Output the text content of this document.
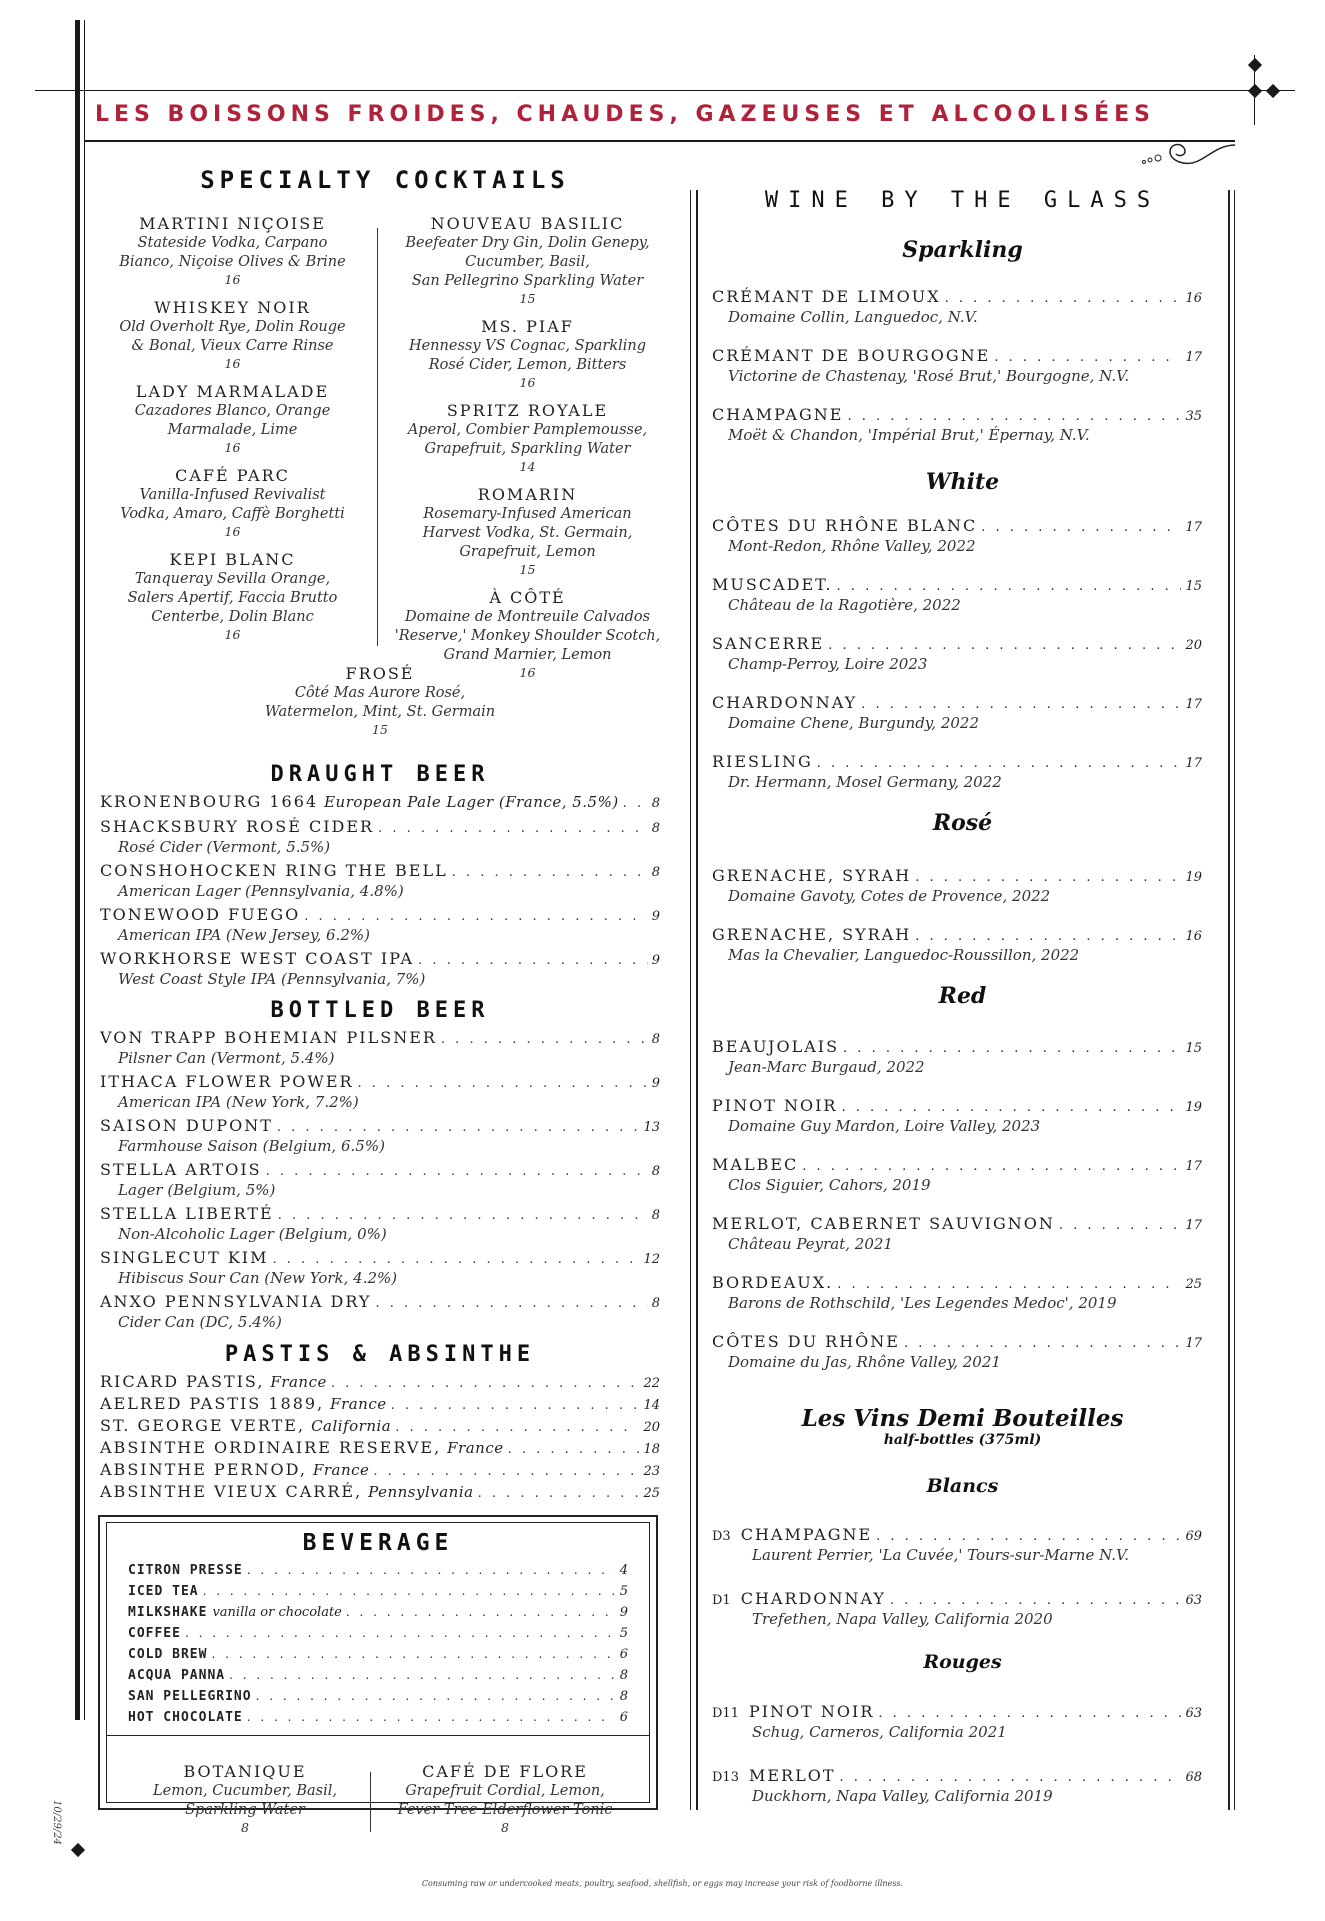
LES BOISSONS FROIDES, CHAUDES, GAZEUSES ET ALCOOLISÉES
SPECIALTY COCKTAILS
MARTINI NIÇOISE
Stateside Vodka, Carpano
Bianco, Niçoise Olives & Brine
16
WHISKEY NOIR
Old Overholt Rye, Dolin Rouge
& Bonal, Vieux Carre Rinse
16
LADY MARMALADE
Cazadores Blanco, Orange
Marmalade, Lime
16
CAFÉ PARC
Vanilla-Infused Revivalist
Vodka, Amaro, Caffè Borghetti
16
KEPI BLANC
Tanqueray Sevilla Orange,
Salers Apertif, Faccia Brutto
Centerbe, Dolin Blanc
16
NOUVEAU BASILIC
Beefeater Dry Gin, Dolin Genepy,
Cucumber, Basil,
San Pellegrino Sparkling Water
15
MS. PIAF
Hennessy VS Cognac, Sparkling
Rosé Cider, Lemon, Bitters
16
SPRITZ ROYALE
Aperol, Combier Pamplemousse,
Grapefruit, Sparkling Water
14
ROMARIN
Rosemary-Infused American
Harvest Vodka, St. Germain,
Grapefruit, Lemon
15
À CÔTÉ
Domaine de Montreuile Calvados
'Reserve,' Monkey Shoulder Scotch,
Grand Marnier, Lemon
16
FROSÉ
Côté Mas Aurore Rosé,
Watermelon, Mint, St. Germain
15
DRAUGHT BEER
KRONENBOURG 1664 European Pale Lager (France, 5.5%) . . .	8
SHACKSBURY ROSÉ CIDER . . .	8
Rosé Cider (Vermont, 5.5%)
CONSHOHOCKEN RING THE BELL . . .	8
American Lager (Pennsylvania, 4.8%)
TONEWOOD FUEGO . . .	9
American IPA (New Jersey, 6.2%)
WORKHORSE WEST COAST IPA . . .	9
West Coast Style IPA (Pennsylvania, 7%)
BOTTLED BEER
VON TRAPP BOHEMIAN PILSNER . . .	8
Pilsner Can (Vermont, 5.4%)
ITHACA FLOWER POWER . . .	9
American IPA (New York, 7.2%)
SAISON DUPONT . . .	13
Farmhouse Saison (Belgium, 6.5%)
STELLA ARTOIS . . .	8
Lager (Belgium, 5%)
STELLA LIBERTÉ . . .	8
Non-Alcoholic Lager (Belgium, 0%)
SINGLECUT KIM . . .	12
Hibiscus Sour Can (New York, 4.2%)
ANXO PENNSYLVANIA DRY . . .	8
Cider Can (DC, 5.4%)
PASTIS & ABSINTHE
RICARD PASTIS, France . . .	22
AELRED PASTIS 1889, France . . .	14
ST. GEORGE VERTE, California . . .	20
ABSINTHE ORDINAIRE RESERVE, France . . .	18
ABSINTHE PERNOD, France . . .	23
ABSINTHE VIEUX CARRÉ, Pennsylvania . . .	25
BEVERAGE
CITRON PRESSÉ . . .	4
ICED TEA . . .	5
MILKSHAKE vanilla or chocolate . . .	9
COFFEE . . .	5
COLD BREW . . .	6
ACQUA PANNA . . .	8
SAN PELLEGRINO . . .	8
HOT CHOCOLATE . . .	6
BOTANIQUE
Lemon, Cucumber, Basil,
Sparkling Water
8
CAFÉ DE FLORE
Grapefruit Cordial, Lemon,
Fever Tree Elderflower Tonic
8
WINE BY THE GLASS
Sparkling
CRÉMANT DE LIMOUX . . .	16
Domaine Collin, Languedoc, N.V.
CRÉMANT DE BOURGOGNE . . .	17
Victorine de Chastenay, 'Rosé Brut,' Bourgogne, N.V.
CHAMPAGNE . . .	35
Moët & Chandon, 'Impérial Brut,' Épernay, N.V.
White
CÔTES DU RHÔNE BLANC . . .	17
Mont-Redon, Rhône Valley, 2022
MUSCADET. . . .	15
Château de la Ragotière, 2022
SANCERRE . . .	20
Champ-Perroy, Loire 2023
CHARDONNAY . . .	17
Domaine Chene, Burgundy, 2022
RIESLING . . .	17
Dr. Hermann, Mosel Germany, 2022
Rosé
GRENACHE, SYRAH . . .	19
Domaine Gavoty, Cotes de Provence, 2022
GRENACHE, SYRAH . . .	16
Mas la Chevalier, Languedoc-Roussillon, 2022
Red
BEAUJOLAIS . . .	15
Jean-Marc Burgaud, 2022
PINOT NOIR . . .	19
Domaine Guy Mardon, Loire Valley, 2023
MALBEC . . .	17
Clos Siguier, Cahors, 2019
MERLOT, CABERNET SAUVIGNON . . .	17
Château Peyrat, 2021
BORDEAUX. . . .	25
Barons de Rothschild, 'Les Legendes Medoc', 2019
CÔTES DU RHÔNE . . .	17
Domaine du Jas, Rhône Valley, 2021
Les Vins Demi Bouteilles
half-bottles (375ml)
Blancs
D3 CHAMPAGNE . . .	69
Laurent Perrier, 'La Cuvée,' Tours-sur-Marne N.V.
D1 CHARDONNAY . . .	63
Trefethen, Napa Valley, California 2020
Rouges
D11 PINOT NOIR . . .	63
Schug, Carneros, California 2021
D13 MERLOT . . .	68
Duckhorn, Napa Valley, California 2019
10/29/24
Consuming raw or undercooked meats, poultry, seafood, shellfish, or eggs may increase your risk of foodborne illness.
